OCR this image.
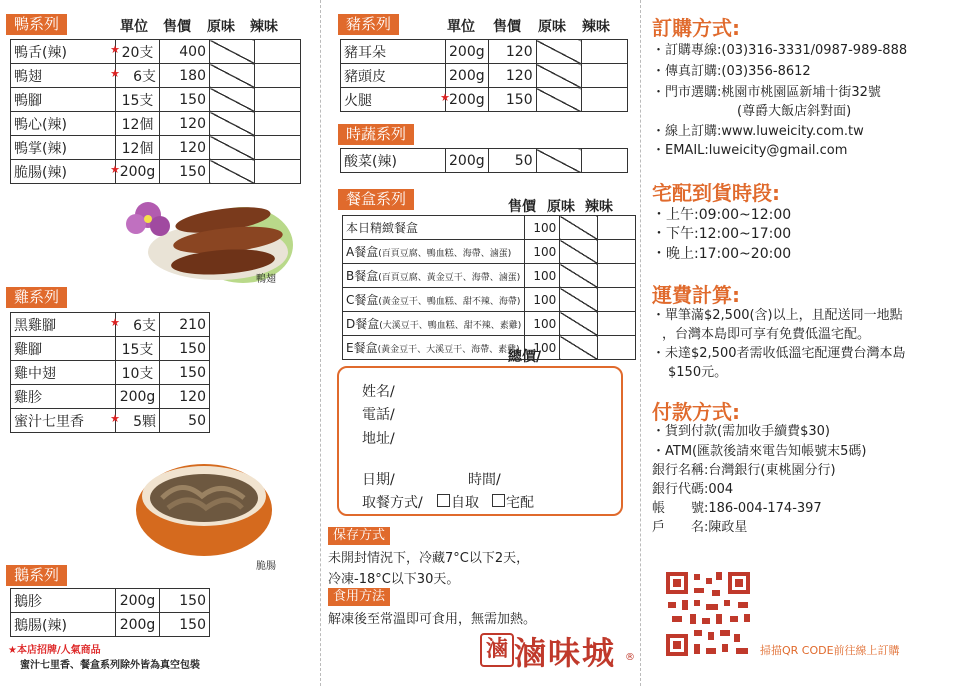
鴨系列	單位 售價 原味 辣味
鴨舌(辣) ★	20支	400		
鴨翅 ★	6支	180		
鴨腳	15支	150		
鴨心(辣)	12個	120		
鴨掌(辣)	12個	120		
脆腸(辣) ★	200g	150		
鴨翅
雞系列
黑雞腳 ★	6支	210
雞腳	15支	150
雞中翅	10支	150
雞胗	200g	120
蜜汁七里香 ★	5顆	50
脆腸
鵝系列
鵝胗	200g	150
鵝腸(辣)	200g	150
★本店招牌/人氣商品
蜜汁七里香、餐盒系列除外皆為真空包裝
豬系列	單位 售價 原味 辣味
豬耳朵	200g	120		
豬頭皮	200g	120		
火腿 ★	200g	150		
時蔬系列
酸菜(辣)	200g	50		
餐盒系列	售價 原味 辣味
本日精緻餐盒	100		
A餐盒(百頁豆腐、鴨血糕、海帶、滷蛋)	100		
B餐盒(百頁豆腐、黃金豆干、海帶、滷蛋)	100		
C餐盒(黃金豆干、鴨血糕、甜不辣、海帶)	100		
D餐盒(大溪豆干、鴨血糕、甜不辣、素雞)	100		
E餐盒(黃金豆干、大溪豆干、海帶、素雞)	100		
總價/
姓名/
電話/
地址/
日期/	時間/
取餐方式/ 自取 宅配
保存方式
未開封情況下，冷藏7°C以下2天，
冷凍-18°C以下30天。
食用方法
解凍後至常溫即可食用，無需加熱。
滷 滷味城 ®
訂購方式:
・訂購專線:(03)316-3331/0987-989-888
・傳真訂購:(03)356-8612
・門市選購:桃園市桃園區新埔十街32號
(尊爵大飯店斜對面)
・線上訂購:www.luweicity.com.tw
・EMAIL:luweicity@gmail.com
宅配到貨時段:
・上午:09:00~12:00
・下午:12:00~17:00
・晚上:17:00~20:00
運費計算:
・單筆滿$2,500(含)以上，且配送同一地點
，台灣本島即可享有免費低溫宅配。
・未達$2,500者需收低溫宅配運費台灣本島
$150元。
付款方式:
・貨到付款(需加收手續費$30)
・ATM(匯款後請來電告知帳號末5碼)
銀行名稱:台灣銀行(東桃園分行)
銀行代碼:004
帳　　號:186-004-174-397
戶　　名:陳政星
掃描QR CODE前往線上訂購
